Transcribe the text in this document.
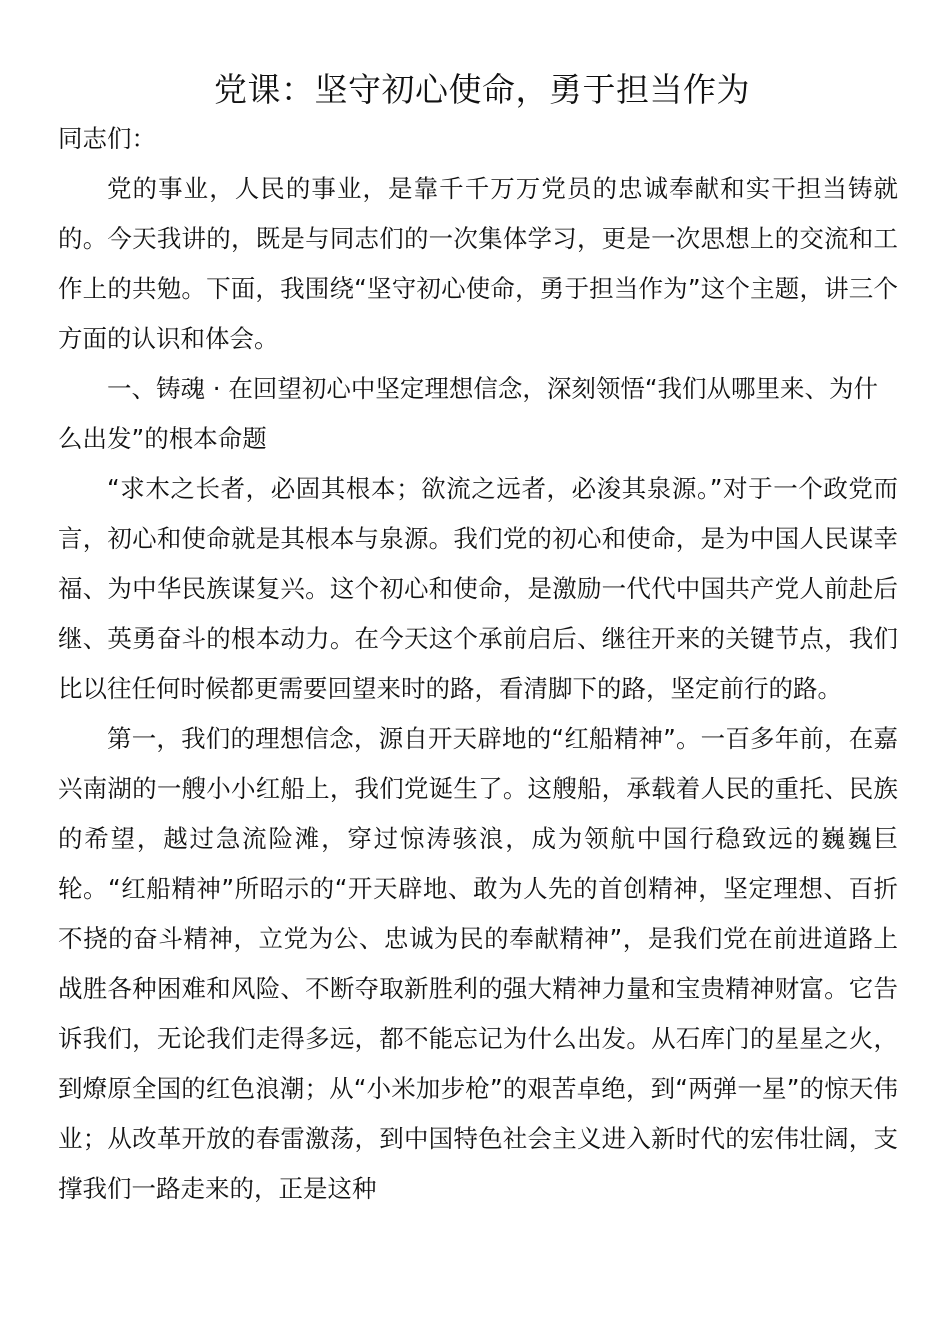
党课：坚守初心使命，勇于担当作为

同志们：

党的事业，人民的事业，是靠千千万万党员的忠诚奉献和实干担当铸就的。今天我讲的，既是与同志们的一次集体学习，更是一次思想上的交流和工作上的共勉。下面，我围绕“坚守初心使命，勇于担当作为”这个主题，讲三个方面的认识和体会。

一、铸魂 · 在回望初心中坚定理想信念，深刻领悟“我们从哪里来、为什么出发”的根本命题

“求木之长者，必固其根本；欲流之远者，必浚其泉源。”对于一个政党而言，初心和使命就是其根本与泉源。我们党的初心和使命，是为中国人民谋幸福、为中华民族谋复兴。这个初心和使命，是激励一代代中国共产党人前赴后继、英勇奋斗的根本动力。在今天这个承前启后、继往开来的关键节点，我们比以往任何时候都更需要回望来时的路，看清脚下的路，坚定前行的路。

第一，我们的理想信念，源自开天辟地的“红船精神”。一百多年前，在嘉兴南湖的一艘小小红船上，我们党诞生了。这艘船，承载着人民的重托、民族的希望，越过急流险滩，穿过惊涛骇浪，成为领航中国行稳致远的巍巍巨轮。“红船精神”所昭示的“开天辟地、敢为人先的首创精神，坚定理想、百折不挠的奋斗精神，立党为公、忠诚为民的奉献精神”，是我们党在前进道路上战胜各种困难和风险、不断夺取新胜利的强大精神力量和宝贵精神财富。它告诉我们，无论我们走得多远，都不能忘记为什么出发。从石库门的星星之火，到燎原全国的红色浪潮；从“小米加步枪”的艰苦卓绝，到“两弹一星”的惊天伟业；从改革开放的春雷激荡，到中国特色社会主义进入新时代的宏伟壮阔，支撑我们一路走来的，正是这种
